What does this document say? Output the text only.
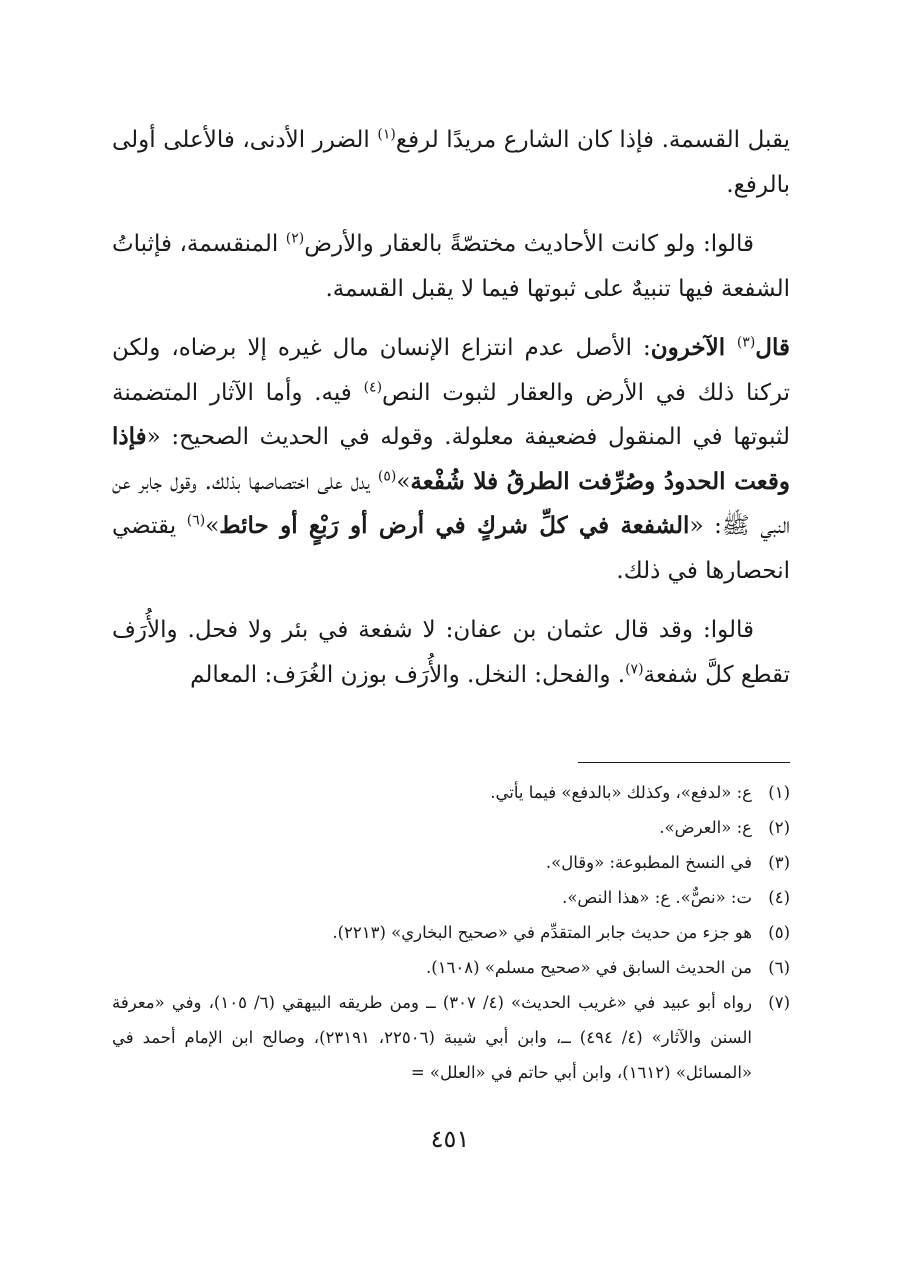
يقبل القسمة. فإذا كان الشارع مريدًا لرفع$^{(١)}$ الضرر الأدنى، فالأعلى أولى بالرفع.

قالوا: ولو كانت الأحاديث مختصّةً بالعقار والأرض$^{(٢)}$ المنقسمة، فإثباتُ الشفعة فيها تنبيهٌ على ثبوتها فيما لا يقبل القسمة.

قال$^{(٣)}$ الآخرون: الأصل عدم انتزاع الإنسان مال غيره إلا برضاه، ولكن تركنا ذلك في الأرض والعقار لثبوت النص$^{(٤)}$ فيه. وأما الآثار المتضمنة لثبوتها في المنقول فضعيفة معلولة. وقوله في الحديث الصحيح: «فإذا وقعت الحدودُ وصُرِّفت الطرقُ فلا شُفْعة»$^{(٥)}$ يدل على اختصاصها بذلك. وقول جابر عن النبي ﷺ: «الشفعة في كلِّ شركٍ في أرض أو رَبْعٍ أو حائط»$^{(٦)}$ يقتضي انحصارها في ذلك.

قالوا: وقد قال عثمان بن عفان: لا شفعة في بئر ولا فحل. والأُرَف تقطع كلَّ شفعة$^{(٧)}$. والفحل: النخل. والأُرَف بوزن الغُرَف: المعالم

(١)
ع: «لدفع»، وكذلك «بالدفع» فيما يأتي.
(٢)
ع: «العرض».
(٣)
في النسخ المطبوعة: «وقال».
(٤)
ت: «نصٌّ». ع: «هذا النص».
(٥)
هو جزء من حديث جابر المتقدِّم في «صحيح البخاري» (٢٢١٣).
(٦)
من الحديث السابق في «صحيح مسلم» (١٦٠٨).
(٧)
رواه أبو عبيد في «غريب الحديث» (٤/ ٣٠٧) ــ ومن طريقه البيهقي (٦/ ١٠٥)، وفي «معرفة السنن والآثار» (٤/ ٤٩٤) ــ، وابن أبي شيبة (٢٢٥٠٦، ٢٣١٩١)، وصالح ابن الإمام أحمد في «المسائل» (١٦١٢)، وابن أبي حاتم في «العلل» =
٤٥١
